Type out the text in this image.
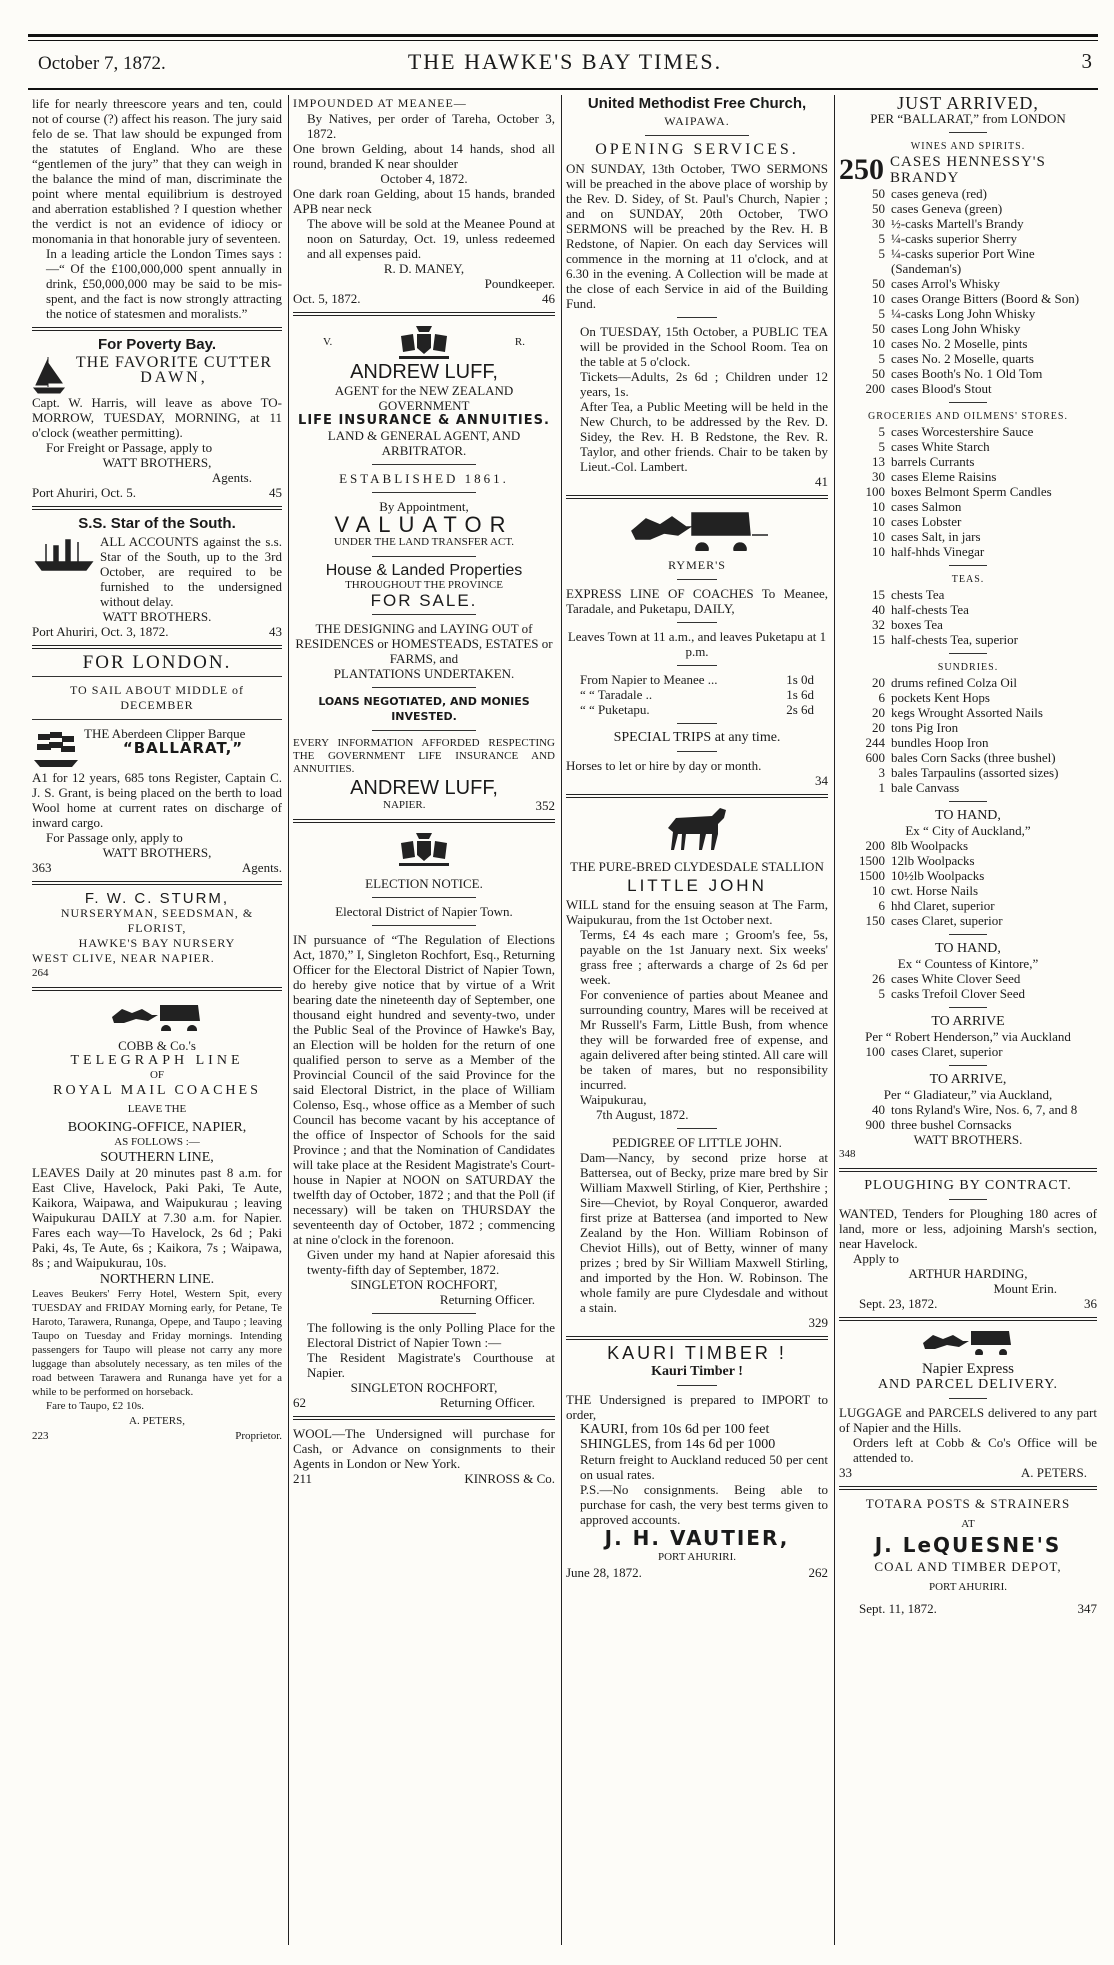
October 7, 1872.	THE HAWKE'S BAY TIMES.	3

life for nearly threescore years and ten, could not of course (?) affect his reason. The jury said felo de se. That law should be expunged from the statutes of England. Who are these “gentlemen of the jury” that they can weigh in the balance the mind of man, discriminate the point where mental equilibrium is destroyed and aberration established ? I question whether the verdict is not an evidence of idiocy or monomania in that honorable jury of seventeen.

In a leading article the London Times says :—“ Of the £100,000,000 spent annually in drink, £50,000,000 may be said to be mis-spent, and the fact is now strongly attracting the notice of statesmen and moralists.”

For Poverty Bay.
THE FAVORITE CUTTER
DAWN,

Capt. W. Harris, will leave as above TO-MORROW, TUESDAY, MORNING, at 11 o'clock (weather permitting).

For Freight or Passage, apply to

WATT BROTHERS,

Agents.

Port Ahuriri, Oct. 5.	45
S.S. Star of the South.

ALL ACCOUNTS against the s.s. Star of the South, up to the 3rd October, are required to be furnished to the undersigned without delay.

WATT BROTHERS.

Port Ahuriri, Oct. 3, 1872.	43
FOR LONDON.

TO SAIL ABOUT MIDDLE of DECEMBER

THE Aberdeen Clipper Barque

“BALLARAT,”

A1 for 12 years, 685 tons Register, Captain C. J. S. Grant, is being placed on the berth to load Wool home at current rates on discharge of inward cargo.

For Passage only, apply to

WATT BROTHERS,

363	Agents.
F. W. C. STURM,

NURSERYMAN, SEEDSMAN, & FLORIST,

HAWKE'S BAY NURSERY

WEST CLIVE, NEAR NAPIER.

264

COBB & Co.'s

TELEGRAPH LINE

OF

ROYAL MAIL COACHES

LEAVE THE

BOOKING-OFFICE, NAPIER,

AS FOLLOWS :—

SOUTHERN LINE,

LEAVES Daily at 20 minutes past 8 a.m. for East Clive, Havelock, Paki Paki, Te Aute, Kaikora, Waipawa, and Waipukurau ; leaving Waipukurau DAILY at 7.30 a.m. for Napier. Fares each way—To Havelock, 2s 6d ; Paki Paki, 4s, Te Aute, 6s ; Kaikora, 7s ; Waipawa, 8s ; and Waipukurau, 10s.

NORTHERN LINE.

Leaves Beukers' Ferry Hotel, Western Spit, every TUESDAY and FRIDAY Morning early, for Petane, Te Haroto, Tarawera, Runanga, Opepe, and Taupo ; leaving Taupo on Tuesday and Friday mornings. Intending passengers for Taupo will please not carry any more luggage than absolutely necessary, as ten miles of the road between Tarawera and Runanga have yet for a while to be performed on horseback.

Fare to Taupo, £2 10s.

A. PETERS,

223	Proprietor.

IMPOUNDED AT MEANEE—

By Natives, per order of Tareha, October 3, 1872.

One brown Gelding, about 14 hands, shod all round, branded K near shoulder

October 4, 1872.

One dark roan Gelding, about 15 hands, branded APB near neck

The above will be sold at the Meanee Pound at noon on Saturday, Oct. 19, unless redeemed and all expenses paid.

R. D. MANEY,

Poundkeeper.

Oct. 5, 1872.	46
V.	R.
ANDREW LUFF,

AGENT for the NEW ZEALAND GOVERNMENT

LIFE INSURANCE & ANNUITIES.

LAND & GENERAL AGENT, AND ARBITRATOR.

ESTABLISHED 1861.

By Appointment,

VALUATOR

UNDER THE LAND TRANSFER ACT.

House & Landed Properties

THROUGHOUT THE PROVINCE

FOR SALE.

THE DESIGNING and LAYING OUT of

RESIDENCES or HOMESTEADS, ESTATES or FARMS, and

PLANTATIONS UNDERTAKEN.

LOANS NEGOTIATED, AND MONIES INVESTED.

EVERY INFORMATION AFFORDED RESPECTING THE GOVERNMENT LIFE INSURANCE AND ANNUITIES.

ANDREW LUFF,
NAPIER.	352

ELECTION NOTICE.

Electoral District of Napier Town.

IN pursuance of “The Regulation of Elections Act, 1870,” I, Singleton Rochfort, Esq., Returning Officer for the Electoral District of Napier Town, do hereby give notice that by virtue of a Writ bearing date the nineteenth day of September, one thousand eight hundred and seventy-two, under the Public Seal of the Province of Hawke's Bay, an Election will be holden for the return of one qualified person to serve as a Member of the Provincial Council of the said Province for the said Electoral District, in the place of William Colenso, Esq., whose office as a Member of such Council has become vacant by his acceptance of the office of Inspector of Schools for the said Province ; and that the Nomination of Candidates will take place at the Resident Magistrate's Court-house in Napier at NOON on SATURDAY the twelfth day of October, 1872 ; and that the Poll (if necessary) will be taken on THURSDAY the seventeenth day of October, 1872 ; commencing at nine o'clock in the forenoon.

Given under my hand at Napier aforesaid this twenty-fifth day of September, 1872.

SINGLETON ROCHFORT,

Returning Officer.

The following is the only Polling Place for the Electoral District of Napier Town :—

The Resident Magistrate's Courthouse at Napier.

SINGLETON ROCHFORT,

62	Returning Officer.

WOOL—The Undersigned will purchase for Cash, or Advance on consignments to their Agents in London or New York.

211	KINROSS & Co.
United Methodist Free Church,

WAIPAWA.

OPENING SERVICES.

ON SUNDAY, 13th October, TWO SERMONS will be preached in the above place of worship by the Rev. D. Sidey, of St. Paul's Church, Napier ; and on SUNDAY, 20th October, TWO SERMONS will be preached by the Rev. H. B Redstone, of Napier. On each day Services will commence in the morning at 11 o'clock, and at 6.30 in the evening. A Collection will be made at the close of each Service in aid of the Building Fund.

On TUESDAY, 15th October, a PUBLIC TEA will be provided in the School Room. Tea on the table at 5 o'clock.

Tickets—Adults, 2s 6d ; Children under 12 years, 1s.

After Tea, a Public Meeting will be held in the New Church, to be addressed by the Rev. D. Sidey, the Rev. H. B Redstone, the Rev. R. Taylor, and other friends. Chair to be taken by Lieut.-Col. Lambert.

41

RYMER'S

EXPRESS LINE OF COACHES To Meanee, Taradale, and Puketapu, DAILY,

Leaves Town at 11 a.m., and leaves Puketapu at 1 p.m.

From Napier to Meanee ...	1s 0d
“ “ Taradale ..	1s 6d
“ “ Puketapu.	2s 6d

SPECIAL TRIPS at any time.

Horses to let or hire by day or month.

34

THE PURE-BRED CLYDESDALE STALLION

LITTLE JOHN

WILL stand for the ensuing season at The Farm, Waipukurau, from the 1st October next.

Terms, £4 4s each mare ; Groom's fee, 5s, payable on the 1st January next. Six weeks' grass free ; afterwards a charge of 2s 6d per week.

For convenience of parties about Meanee and surrounding country, Mares will be received at Mr Russell's Farm, Little Bush, from whence they will be forwarded free of expense, and again delivered after being stinted. All care will be taken of mares, but no responsibility incurred.

Waipukurau,

7th August, 1872.

PEDIGREE OF LITTLE JOHN.

Dam—Nancy, by second prize horse at Battersea, out of Becky, prize mare bred by Sir William Maxwell Stirling, of Kier, Perthshire ; Sire—Cheviot, by Royal Conqueror, awarded first prize at Battersea (and imported to New Zealand by the Hon. William Robinson of Cheviot Hills), out of Betty, winner of many prizes ; bred by Sir William Maxwell Stirling, and imported by the Hon. W. Robinson. The whole family are pure Clydesdale and without a stain.

329

KAURI TIMBER !

Kauri Timber !

THE Undersigned is prepared to IMPORT to order,

KAURI, from 10s 6d per 100 feet

SHINGLES, from 14s 6d per 1000

Return freight to Auckland reduced 50 per cent on usual rates.

P.S.—No consignments. Being able to purchase for cash, the very best terms given to approved accounts.

J. H. VAUTIER,

PORT AHURIRI.

June 28, 1872.	262
JUST ARRIVED,

PER “BALLARAT,” from LONDON

WINES AND SPIRITS.

250 CASES HENNESSY'S BRANDY
50 cases geneva (red)
50 cases Geneva (green)
30 ½-casks Martell's Brandy
5 ¼-casks superior Sherry
5 ¼-casks superior Port Wine (Sandeman's)
50 cases Arrol's Whisky
10 cases Orange Bitters (Boord & Son)
5 ¼-casks Long John Whisky
50 cases Long John Whisky
10 cases No. 2 Moselle, pints
5 cases No. 2 Moselle, quarts
50 cases Booth's No. 1 Old Tom
200 cases Blood's Stout

GROCERIES AND OILMENS' STORES.

5 cases Worcestershire Sauce
5 cases White Starch
13 barrels Currants
30 cases Eleme Raisins
100 boxes Belmont Sperm Candles
10 cases Salmon
10 cases Lobster
10 cases Salt, in jars
10 half-hhds Vinegar

TEAS.

15 chests Tea
40 half-chests Tea
32 boxes Tea
15 half-chests Tea, superior

SUNDRIES.

20 drums refined Colza Oil
6 pockets Kent Hops
20 kegs Wrought Assorted Nails
20 tons Pig Iron
244 bundles Hoop Iron
600 bales Corn Sacks (three bushel)
3 bales Tarpaulins (assorted sizes)
1 bale Canvass

TO HAND,

Ex “ City of Auckland,”

200 8lb Woolpacks
1500 12lb Woolpacks
1500 10½lb Woolpacks
10 cwt. Horse Nails
6 hhd Claret, superior
150 cases Claret, superior

TO HAND,

Ex “ Countess of Kintore,”

26 cases White Clover Seed
5 casks Trefoil Clover Seed

TO ARRIVE

Per “ Robert Henderson,” via Auckland

100 cases Claret, superior

TO ARRIVE,

Per “ Gladiateur,” via Auckland,

40 tons Ryland's Wire, Nos. 6, 7, and 8
900 three bushel Cornsacks

WATT BROTHERS.

348

PLOUGHING BY CONTRACT.

WANTED, Tenders for Ploughing 180 acres of land, more or less, adjoining Marsh's section, near Havelock.

Apply to

ARTHUR HARDING,

Mount Erin.

Sept. 23, 1872.	36

Napier Express

AND PARCEL DELIVERY.

LUGGAGE and PARCELS delivered to any part of Napier and the Hills.

Orders left at Cobb & Co's Office will be attended to.

33	A. PETERS.

TOTARA POSTS & STRAINERS

AT

J. LeQUESNE'S

COAL AND TIMBER DEPOT,

PORT AHURIRI.

Sept. 11, 1872.	347
